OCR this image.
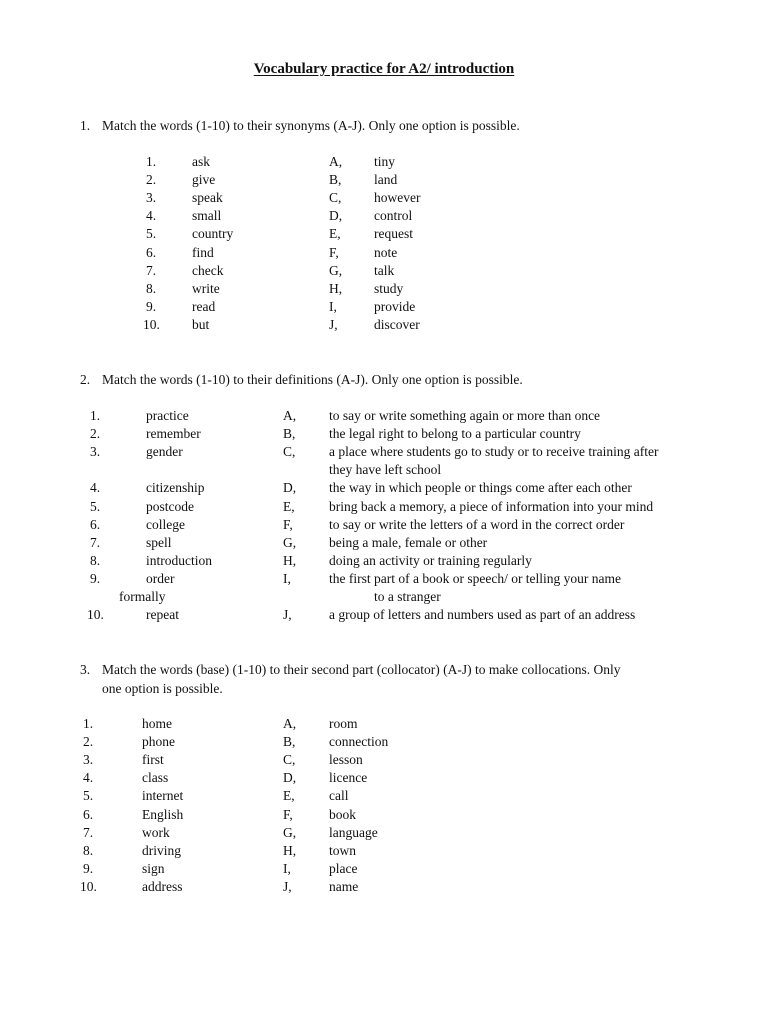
Vocabulary practice for A2/ introduction
1. Match the words (1-10) to their synonyms (A-J). Only one option is possible.
1.	ask	A, tiny
2.	give	B, land
3.	speak	C, however
4.	small	D, control
5.	country	E, request
6.	find	F,	note
7.	check	G, talk
8.	write	H, study
9.	read	I,	provide
10. but	J,	discover
2. Match the words (1-10) to their definitions (A-J). Only one option is possible.
1.	practice	A, to say or write something again or more than once
2.	remember	B, the legal right to belong to a particular country
3.	gender	C, a place where students go to study or to receive training after
they have left school
4.	citizenship	D, the way in which people or things come after each other
5.	postcode	E,	bring back a memory, a piece of information into your mind
6.	college	F,	to say or write the letters of a word in the correct order
7.	spell	G, being a male, female or other
8.	introduction	H, doing an activity or training regularly
9.	order	I,	the first part of a book or speech/ or telling your name
formally	to a stranger
10.	repeat	J,	a group of letters and numbers used as part of an address
3. Match the words (base) (1-10) to their second part (collocator) (A-J) to make collocations. Only
one option is possible.
1.	home	A, room
2.	phone	B, connection
3.	first	C, lesson
4.	class	D, licence
5.	internet	E,	call
6.	English	F,	book
7.	work	G, language
8.	driving	H, town
9.	sign	I,	place
10.	address	J,	name
